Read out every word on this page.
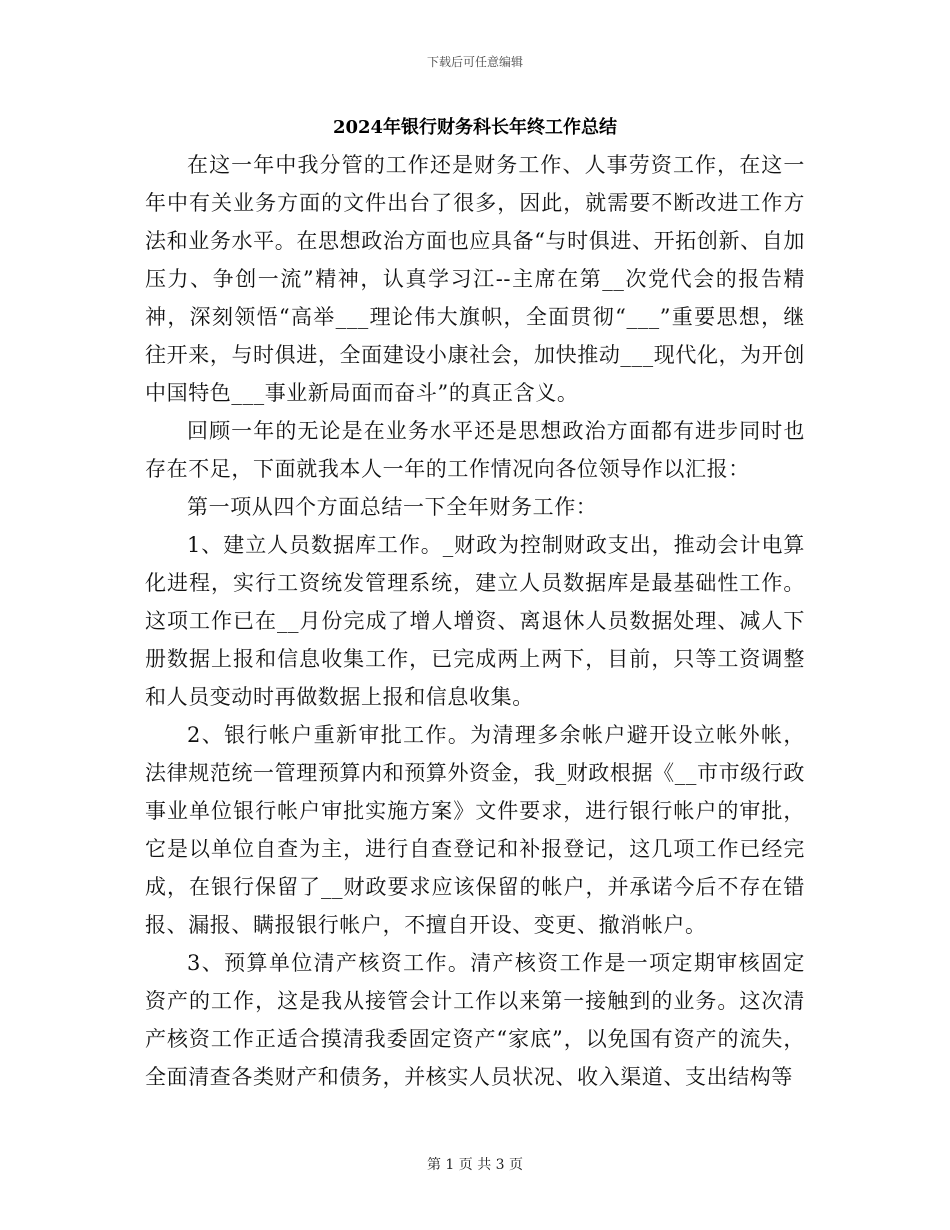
下载后可任意编辑
2024年银行财务科长年终工作总结

在这一年中我分管的工作还是财务工作、人事劳资工作，在这一年中有关业务方面的文件出台了很多，因此，就需要不断改进工作方法和业务水平。在思想政治方面也应具备“与时俱进、开拓创新、自加压力、争创一流”精神，认真学习江--主席在第__次党代会的报告精神，深刻领悟“高举___理论伟大旗帜，全面贯彻“___”重要思想，继往开来，与时俱进，全面建设小康社会，加快推动___现代化，为开创中国特色___事业新局面而奋斗”的真正含义。

回顾一年的无论是在业务水平还是思想政治方面都有进步同时也存在不足，下面就我本人一年的工作情况向各位领导作以汇报：

第一项从四个方面总结一下全年财务工作：

1、建立人员数据库工作。_财政为控制财政支出，推动会计电算化进程，实行工资统发管理系统，建立人员数据库是最基础性工作。这项工作已在__月份完成了增人增资、离退休人员数据处理、减人下册数据上报和信息收集工作，已完成两上两下，目前，只等工资调整和人员变动时再做数据上报和信息收集。

2、银行帐户重新审批工作。为清理多余帐户避开设立帐外帐，法律规范统一管理预算内和预算外资金，我_财政根据《__市市级行政事业单位银行帐户审批实施方案》文件要求，进行银行帐户的审批，它是以单位自查为主，进行自查登记和补报登记，这几项工作已经完成，在银行保留了__财政要求应该保留的帐户，并承诺今后不存在错报、漏报、瞒报银行帐户，不擅自开设、变更、撤消帐户。

3、预算单位清产核资工作。清产核资工作是一项定期审核固定资产的工作，这是我从接管会计工作以来第一接触到的业务。这次清产核资工作正适合摸清我委固定资产“家底”，以免国有资产的流失，全面清查各类财产和债务，并核实人员状况、收入渠道、支出结构等

第 1 页 共 3 页
